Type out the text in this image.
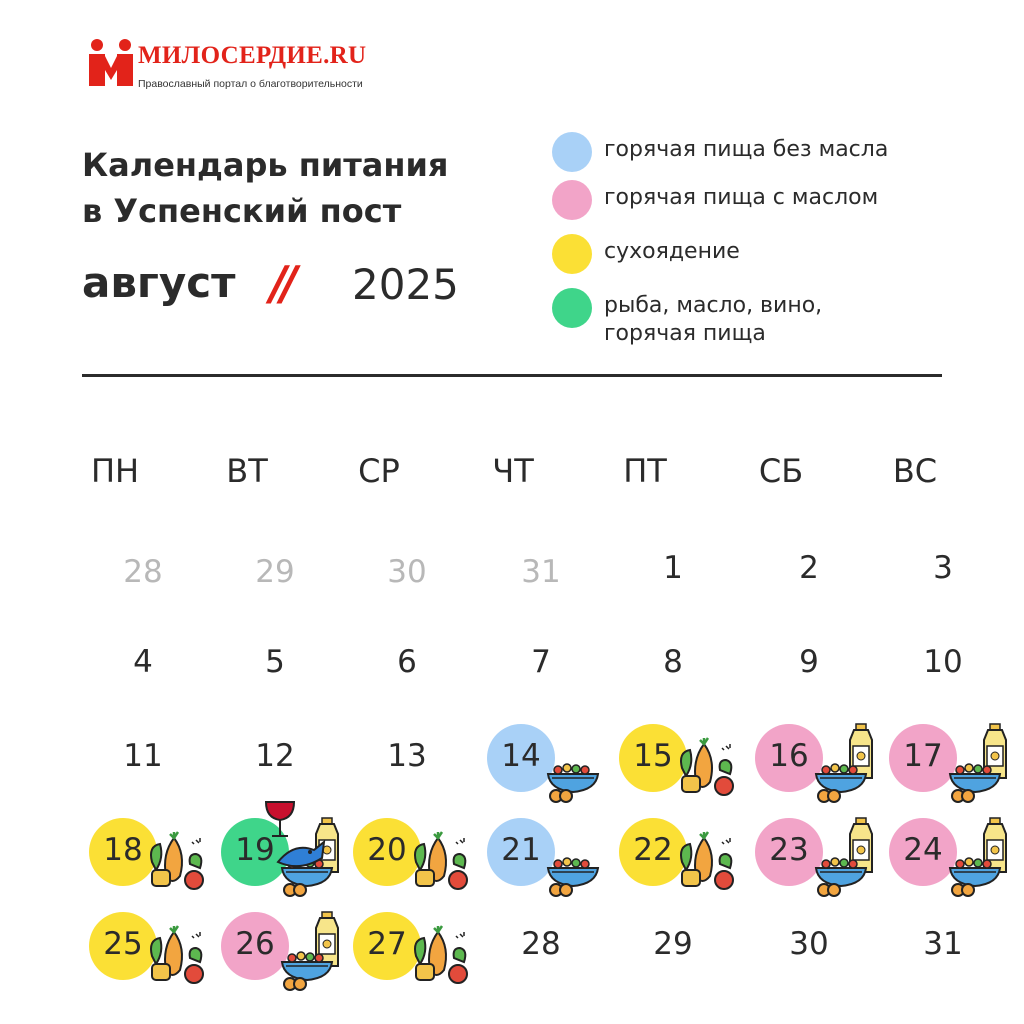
МИЛОСЕРДИЕ.RU
Православный портал о благотворительности
Календарь питания
в Успенский пост
август // 2025
горячая пища без масла
горячая пища с маслом
сухоядение
рыба, масло, вино, горячая пища
ПН	ВТ	СР	ЧТ	ПТ	СБ	ВС
28	29	30	31	1	2	3
4	5	6	7	8	9	10
11	12	13	14	15	16	17
18	19	20	21	22	23	24
25	26	27	28	29	30	31
